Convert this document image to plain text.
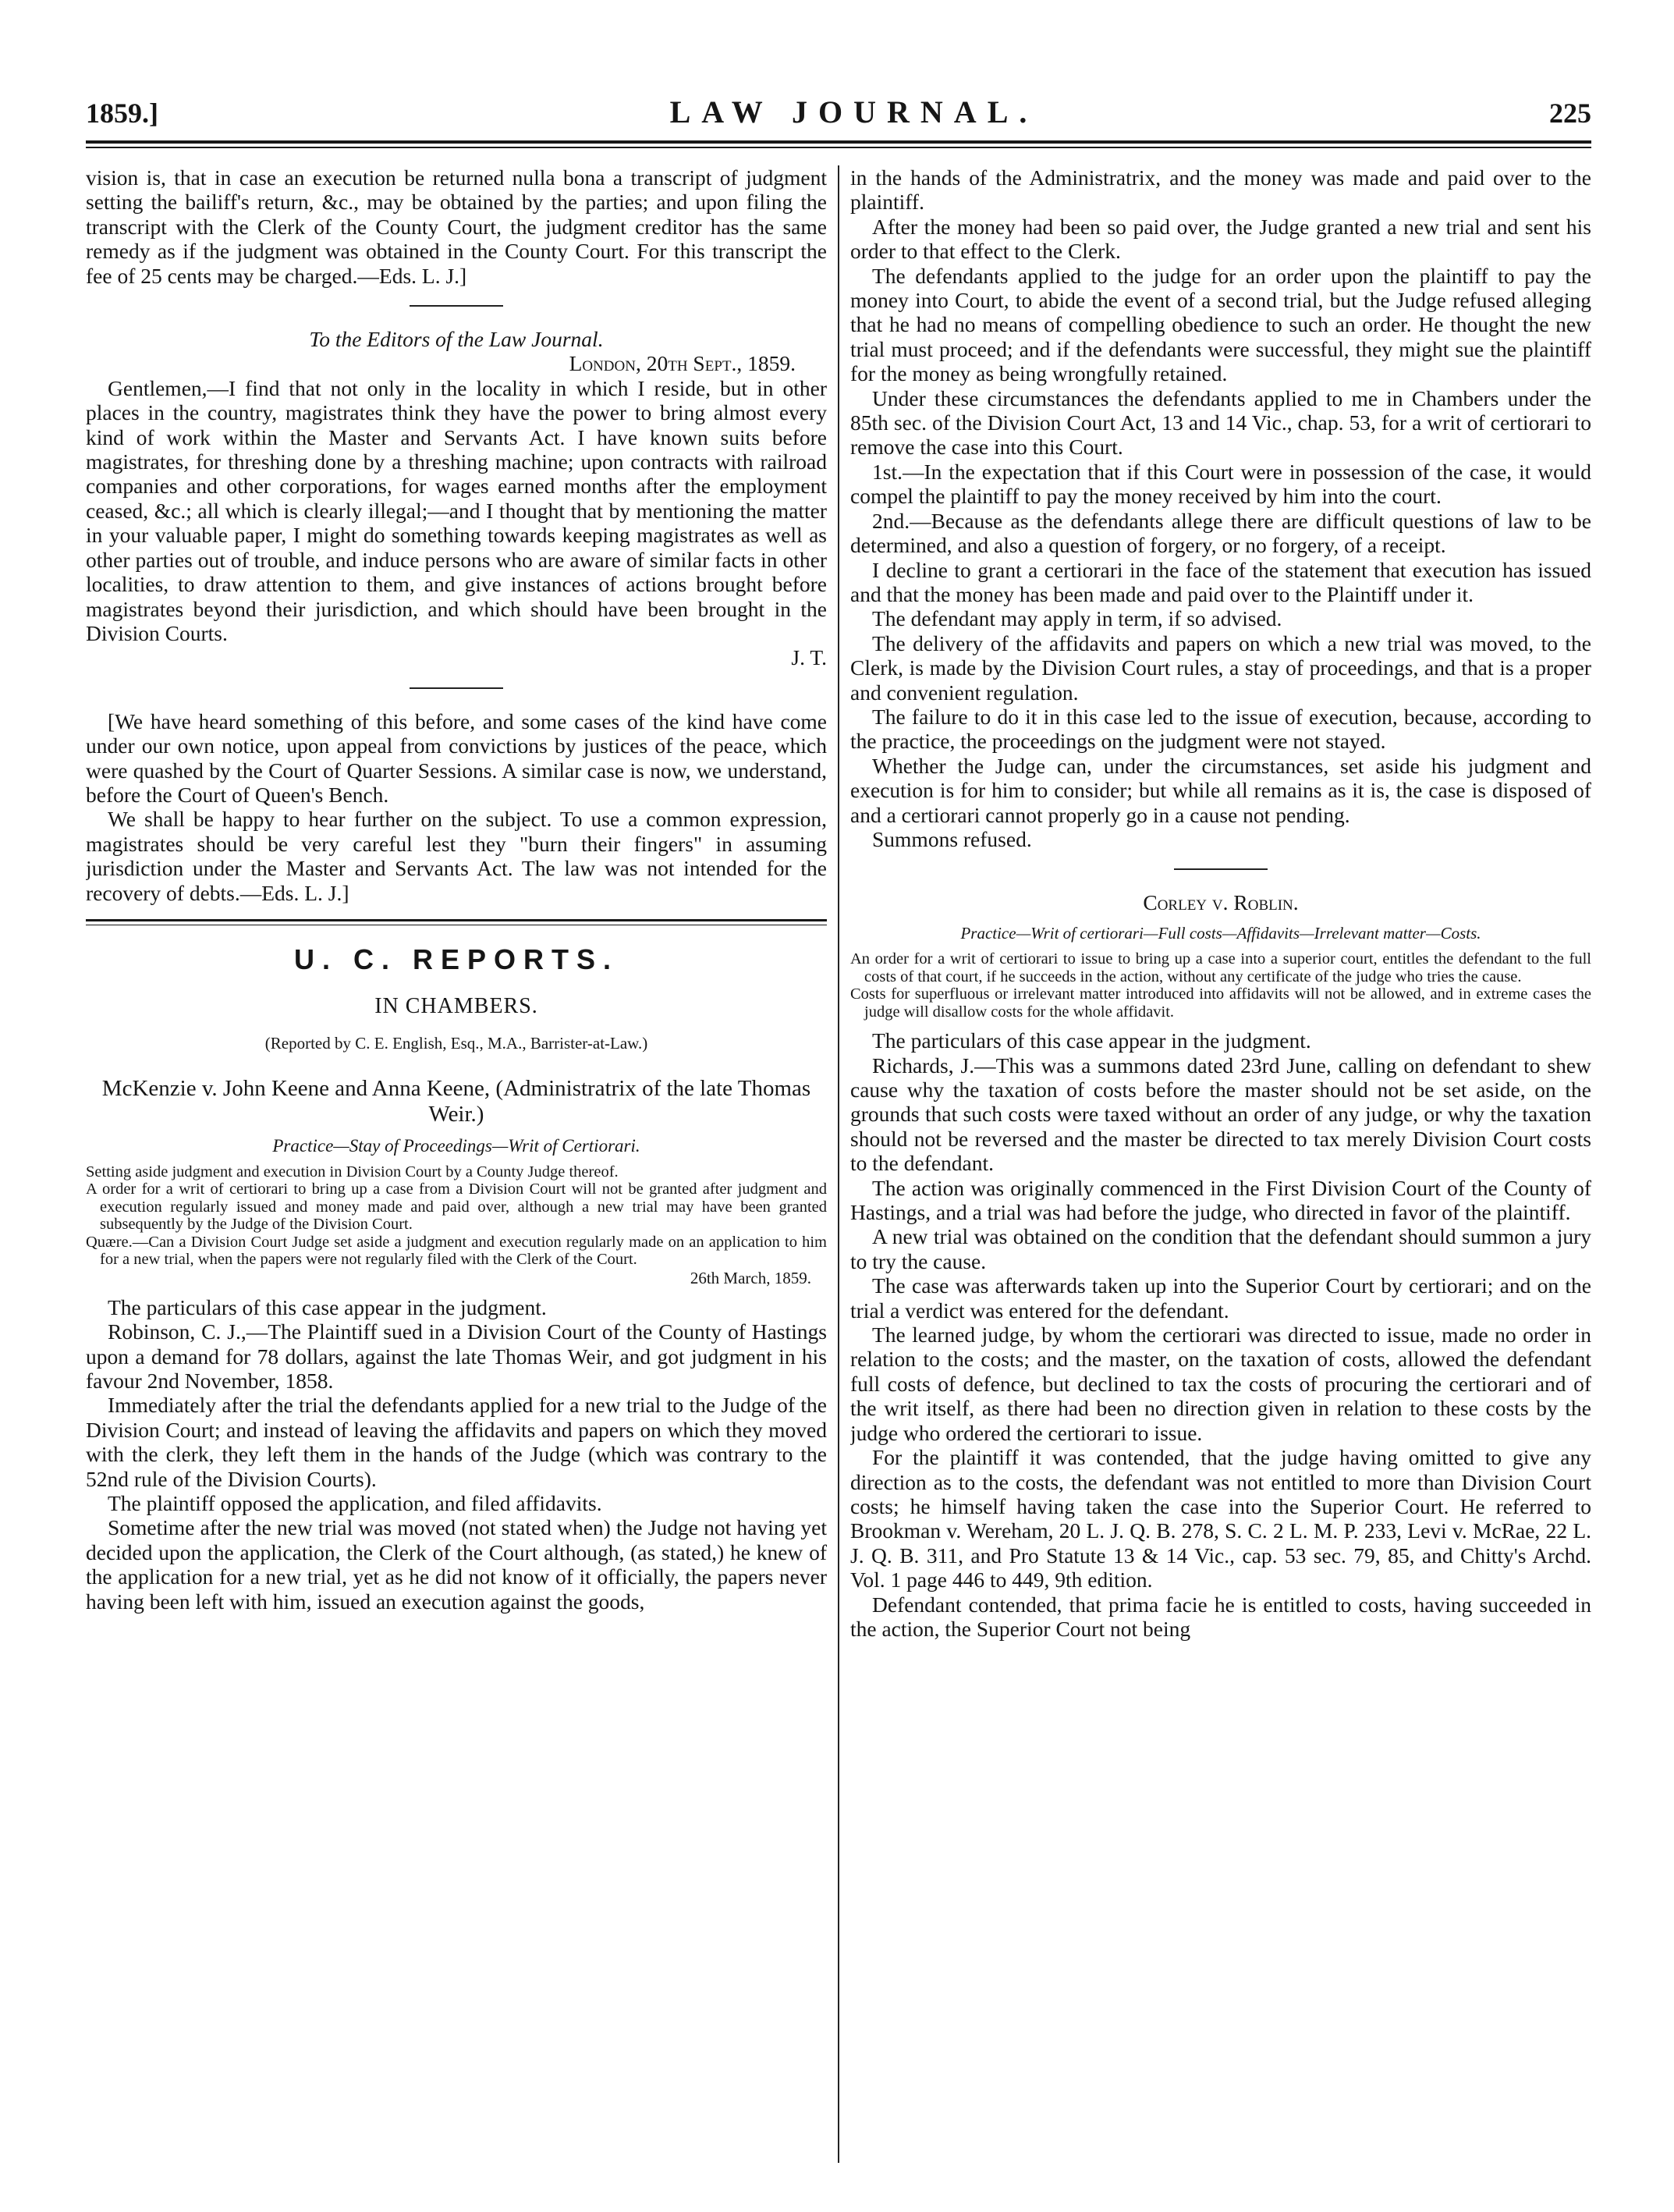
1859.]	LAW JOURNAL.	225

vision is, that in case an execution be returned nulla bona a transcript of judgment setting the bailiff's return, &c., may be obtained by the parties; and upon filing the transcript with the Clerk of the County Court, the judgment creditor has the same remedy as if the judgment was obtained in the County Court. For this transcript the fee of 25 cents may be charged.—Eds. L. J.]

To the Editors of the Law Journal.

London, 20th Sept., 1859.

Gentlemen,—I find that not only in the locality in which I reside, but in other places in the country, magistrates think they have the power to bring almost every kind of work within the Master and Servants Act. I have known suits before magistrates, for threshing done by a threshing machine; upon contracts with railroad companies and other corporations, for wages earned months after the employment ceased, &c.; all which is clearly illegal;—and I thought that by mentioning the matter in your valuable paper, I might do something towards keeping magistrates as well as other parties out of trouble, and induce persons who are aware of similar facts in other localities, to draw attention to them, and give instances of actions brought before magistrates beyond their jurisdiction, and which should have been brought in the Division Courts.

J. T.

[We have heard something of this before, and some cases of the kind have come under our own notice, upon appeal from convictions by justices of the peace, which were quashed by the Court of Quarter Sessions. A similar case is now, we understand, before the Court of Queen's Bench.

We shall be happy to hear further on the subject. To use a common expression, magistrates should be very careful lest they "burn their fingers" in assuming jurisdiction under the Master and Servants Act. The law was not intended for the recovery of debts.—Eds. L. J.]

U. C. REPORTS.
IN CHAMBERS.

(Reported by C. E. English, Esq., M.A., Barrister-at-Law.)

McKenzie v. John Keene and Anna Keene, (Administratrix of the late Thomas Weir.)

Practice—Stay of Proceedings—Writ of Certiorari.

Setting aside judgment and execution in Division Court by a County Judge thereof.

A order for a writ of certiorari to bring up a case from a Division Court will not be granted after judgment and execution regularly issued and money made and paid over, although a new trial may have been granted subsequently by the Judge of the Division Court.

Quære.—Can a Division Court Judge set aside a judgment and execution regularly made on an application to him for a new trial, when the papers were not regularly filed with the Clerk of the Court.

26th March, 1859.

The particulars of this case appear in the judgment.

Robinson, C. J.,—The Plaintiff sued in a Division Court of the County of Hastings upon a demand for 78 dollars, against the late Thomas Weir, and got judgment in his favour 2nd November, 1858.

Immediately after the trial the defendants applied for a new trial to the Judge of the Division Court; and instead of leaving the affidavits and papers on which they moved with the clerk, they left them in the hands of the Judge (which was contrary to the 52nd rule of the Division Courts).

The plaintiff opposed the application, and filed affidavits.

Sometime after the new trial was moved (not stated when) the Judge not having yet decided upon the application, the Clerk of the Court although, (as stated,) he knew of the application for a new trial, yet as he did not know of it officially, the papers never having been left with him, issued an execution against the goods,

in the hands of the Administratrix, and the money was made and paid over to the plaintiff.

After the money had been so paid over, the Judge granted a new trial and sent his order to that effect to the Clerk.

The defendants applied to the judge for an order upon the plaintiff to pay the money into Court, to abide the event of a second trial, but the Judge refused alleging that he had no means of compelling obedience to such an order. He thought the new trial must proceed; and if the defendants were successful, they might sue the plaintiff for the money as being wrongfully retained.

Under these circumstances the defendants applied to me in Chambers under the 85th sec. of the Division Court Act, 13 and 14 Vic., chap. 53, for a writ of certiorari to remove the case into this Court.

1st.—In the expectation that if this Court were in possession of the case, it would compel the plaintiff to pay the money received by him into the court.

2nd.—Because as the defendants allege there are difficult questions of law to be determined, and also a question of forgery, or no forgery, of a receipt.

I decline to grant a certiorari in the face of the statement that execution has issued and that the money has been made and paid over to the Plaintiff under it.

The defendant may apply in term, if so advised.

The delivery of the affidavits and papers on which a new trial was moved, to the Clerk, is made by the Division Court rules, a stay of proceedings, and that is a proper and convenient regulation.

The failure to do it in this case led to the issue of execution, because, according to the practice, the proceedings on the judgment were not stayed.

Whether the Judge can, under the circumstances, set aside his judgment and execution is for him to consider; but while all remains as it is, the case is disposed of and a certiorari cannot properly go in a cause not pending.

Summons refused.

Corley v. Roblin.

Practice—Writ of certiorari—Full costs—Affidavits—Irrelevant matter—Costs.

An order for a writ of certiorari to issue to bring up a case into a superior court, entitles the defendant to the full costs of that court, if he succeeds in the action, without any certificate of the judge who tries the cause.

Costs for superfluous or irrelevant matter introduced into affidavits will not be allowed, and in extreme cases the judge will disallow costs for the whole affidavit.

The particulars of this case appear in the judgment.

Richards, J.—This was a summons dated 23rd June, calling on defendant to shew cause why the taxation of costs before the master should not be set aside, on the grounds that such costs were taxed without an order of any judge, or why the taxation should not be reversed and the master be directed to tax merely Division Court costs to the defendant.

The action was originally commenced in the First Division Court of the County of Hastings, and a trial was had before the judge, who directed in favor of the plaintiff.

A new trial was obtained on the condition that the defendant should summon a jury to try the cause.

The case was afterwards taken up into the Superior Court by certiorari; and on the trial a verdict was entered for the defendant.

The learned judge, by whom the certiorari was directed to issue, made no order in relation to the costs; and the master, on the taxation of costs, allowed the defendant full costs of defence, but declined to tax the costs of procuring the certiorari and of the writ itself, as there had been no direction given in relation to these costs by the judge who ordered the certiorari to issue.

For the plaintiff it was contended, that the judge having omitted to give any direction as to the costs, the defendant was not entitled to more than Division Court costs; he himself having taken the case into the Superior Court. He referred to Brookman v. Wereham, 20 L. J. Q. B. 278, S. C. 2 L. M. P. 233, Levi v. McRae, 22 L. J. Q. B. 311, and Pro Statute 13 & 14 Vic., cap. 53 sec. 79, 85, and Chitty's Archd. Vol. 1 page 446 to 449, 9th edition.

Defendant contended, that prima facie he is entitled to costs, having succeeded in the action, the Superior Court not being
